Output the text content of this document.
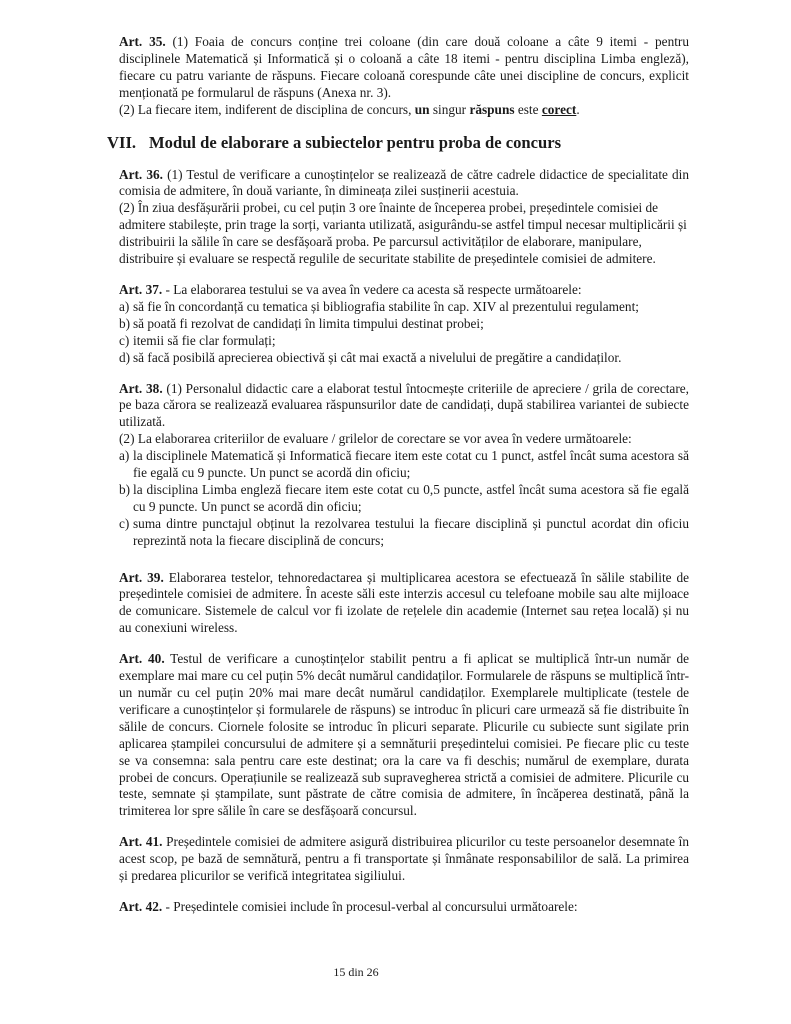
Art. 35. (1) Foaia de concurs conține trei coloane (din care două coloane a câte 9 itemi - pentru disciplinele Matematică și Informatică și o coloană a câte 18 itemi - pentru disciplina Limba engleză), fiecare cu patru variante de răspuns. Fiecare coloană corespunde câte unei discipline de concurs, explicit menționată pe formularul de răspuns (Anexa nr. 3).

(2) La fiecare item, indiferent de disciplina de concurs, un singur răspuns este corect.

VII. Modul de elaborare a subiectelor pentru proba de concurs

Art. 36. (1) Testul de verificare a cunoștințelor se realizează de către cadrele didactice de specialitate din comisia de admitere, în două variante, în dimineața zilei susținerii acestuia.

(2) În ziua desfășurării probei, cu cel puțin 3 ore înainte de începerea probei, președintele comisiei de admitere stabilește, prin trage la sorți, varianta utilizată, asigurându-se astfel timpul necesar multiplicării și distribuirii la sălile în care se desfășoară proba. Pe parcursul activităților de elaborare, manipulare, distribuire și evaluare se respectă regulile de securitate stabilite de președintele comisiei de admitere.

Art. 37. - La elaborarea testului se va avea în vedere ca acesta să respecte următoarele:

a) să fie în concordanță cu tematica și bibliografia stabilite în cap. XIV al prezentului regulament;
b) să poată fi rezolvat de candidați în limita timpului destinat probei;
c) itemii să fie clar formulați;
d) să facă posibilă aprecierea obiectivă și cât mai exactă a nivelului de pregătire a candidaților.

Art. 38. (1) Personalul didactic care a elaborat testul întocmește criteriile de apreciere / grila de corectare, pe baza cărora se realizează evaluarea răspunsurilor date de candidați, după stabilirea variantei de subiecte utilizată.

(2) La elaborarea criteriilor de evaluare / grilelor de corectare se vor avea în vedere următoarele:

a) la disciplinele Matematică și Informatică fiecare item este cotat cu 1 punct, astfel încât suma acestora să fie egală cu 9 puncte. Un punct se acordă din oficiu;
b) la disciplina Limba engleză fiecare item este cotat cu 0,5 puncte, astfel încât suma acestora să fie egală cu 9 puncte. Un punct se acordă din oficiu;
c) suma dintre punctajul obținut la rezolvarea testului la fiecare disciplină și punctul acordat din oficiu reprezintă nota la fiecare disciplină de concurs;

Art. 39. Elaborarea testelor, tehnoredactarea și multiplicarea acestora se efectuează în sălile stabilite de președintele comisiei de admitere. În aceste săli este interzis accesul cu telefoane mobile sau alte mijloace de comunicare. Sistemele de calcul vor fi izolate de rețelele din academie (Internet sau rețea locală) și nu au conexiuni wireless.

Art. 40. Testul de verificare a cunoștințelor stabilit pentru a fi aplicat se multiplică într-un număr de exemplare mai mare cu cel puțin 5% decât numărul candidaților. Formularele de răspuns se multiplică într-un număr cu cel puțin 20% mai mare decât numărul candidaților. Exemplarele multiplicate (testele de verificare a cunoștințelor și formularele de răspuns) se introduc în plicuri care urmează să fie distribuite în sălile de concurs. Ciornele folosite se introduc în plicuri separate. Plicurile cu subiecte sunt sigilate prin aplicarea ștampilei concursului de admitere și a semnăturii președintelui comisiei. Pe fiecare plic cu teste se va consemna: sala pentru care este destinat; ora la care va fi deschis; numărul de exemplare, durata probei de concurs. Operațiunile se realizează sub supravegherea strictă a comisiei de admitere. Plicurile cu teste, semnate și ștampilate, sunt păstrate de către comisia de admitere, în încăperea destinată, până la trimiterea lor spre sălile în care se desfășoară concursul.

Art. 41. Președintele comisiei de admitere asigură distribuirea plicurilor cu teste persoanelor desemnate în acest scop, pe bază de semnătură, pentru a fi transportate și înmânate responsabililor de sală. La primirea și predarea plicurilor se verifică integritatea sigiliului.

Art. 42. - Președintele comisiei include în procesul-verbal al concursului următoarele:

15 din 26
